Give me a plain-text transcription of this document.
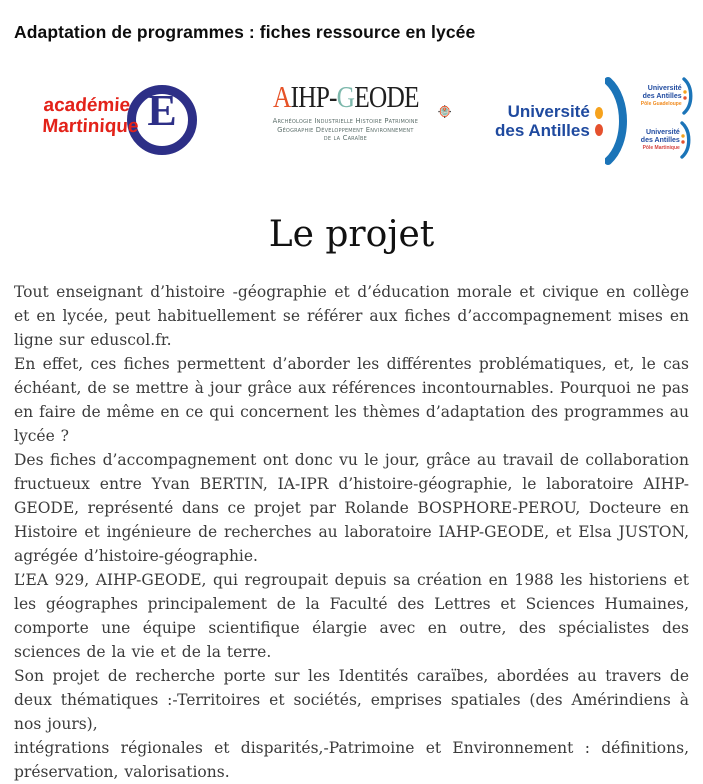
Adaptation de programmes : fiches ressource en lycée
É
académie
Martinique
AIHP-GEODE
Archéologie Industrielle Histoire Patrimoine
Géographie Développement Environnement
de la Caraïbe
CARAÏBE	Université
des Antilles
Université
des Antilles
Pôle Guadeloupe
Université
des Antilles
Pôle Martinique
Le projet

Tout enseignant d’histoire -géographie et d’éducation morale et civique en collège et en lycée, peut habituellement se référer aux fiches d’accompagnement mises en ligne sur eduscol.fr.

En effet, ces fiches permettent d’aborder les différentes problématiques, et, le cas échéant, de se mettre à jour grâce aux références incontournables. Pourquoi ne pas en faire de même en ce qui concernent les thèmes d’adaptation des programmes au lycée ?

Des fiches d’accompagnement ont donc vu le jour, grâce au travail de collaboration fructueux entre Yvan BERTIN, IA-IPR d’histoire-géographie, le laboratoire AIHP-GEODE, représenté dans ce projet par Rolande BOSPHORE-PEROU, Docteure en Histoire et ingénieure de recherches au laboratoire IAHP-GEODE, et Elsa JUSTON, agrégée d’histoire-géographie.

L’EA 929, AIHP-GEODE, qui regroupait depuis sa création en 1988 les historiens et les géographes principalement de la Faculté des Lettres et Sciences Humaines, comporte une équipe scientifique élargie avec en outre, des spécialistes des sciences de la vie et de la terre.

Son projet de recherche porte sur les Identités caraïbes, abordées au travers de deux thématiques :-Territoires et sociétés, emprises spatiales (des Amérindiens à nos jours),

intégrations régionales et disparités,-Patrimoine et Environnement : définitions, préservation, valorisations.
